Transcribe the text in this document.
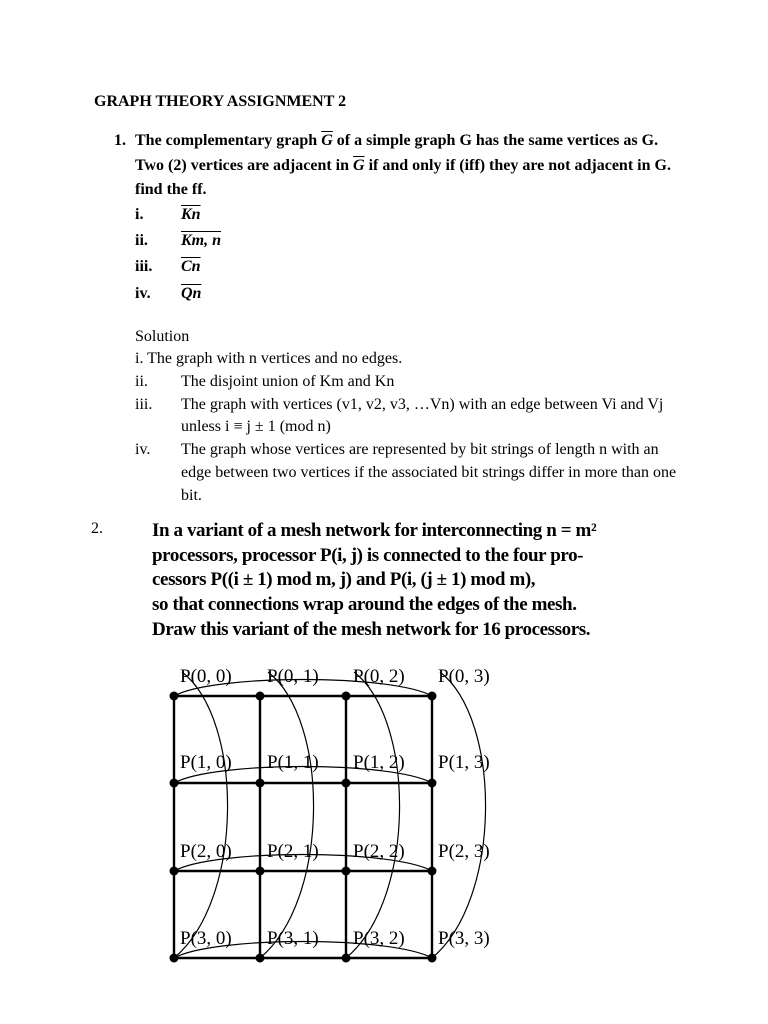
GRAPH THEORY ASSIGNMENT 2
1. The complementary graph $\overline{G}$ of a simple graph G has the same vertices as G.
Two (2) vertices are adjacent in $\overline{G}$ if and only if (iff) they are not adjacent in G.
find the ff.
i. $\overline{Kn}$
ii. Km, n
iii. $\overline{Cn}$
iv. $\overline{Qn}$
Solution
i. The graph with n vertices and no edges.
ii. The disjoint union of Km and Kn
iii. The graph with vertices (v1, v2, v3, …Vn) with an edge between Vi and Vj
unless i ≡ j ± 1 (mod n)
iv. The graph whose vertices are represented by bit strings of length n with an
edge between two vertices if the associated bit strings differ in more than one
bit.
2.	In a variant of a mesh network for interconnecting n = m²
processors, processor P(i, j) is connected to the four pro-
cessors P((i ± 1) mod m, j) and P(i, (j ± 1) mod m),
so that connections wrap around the edges of the mesh.
Draw this variant of the mesh network for 16 processors.
P(0, 0) P(0, 1) P(0, 2) P(0, 3)
P(1, 0) P(1, 1) P(1, 2) P(1, 3)
P(2, 0) P(2, 1) P(2, 2) P(2, 3)
P(3, 0) P(3, 1) P(3, 2) P(3, 3)
